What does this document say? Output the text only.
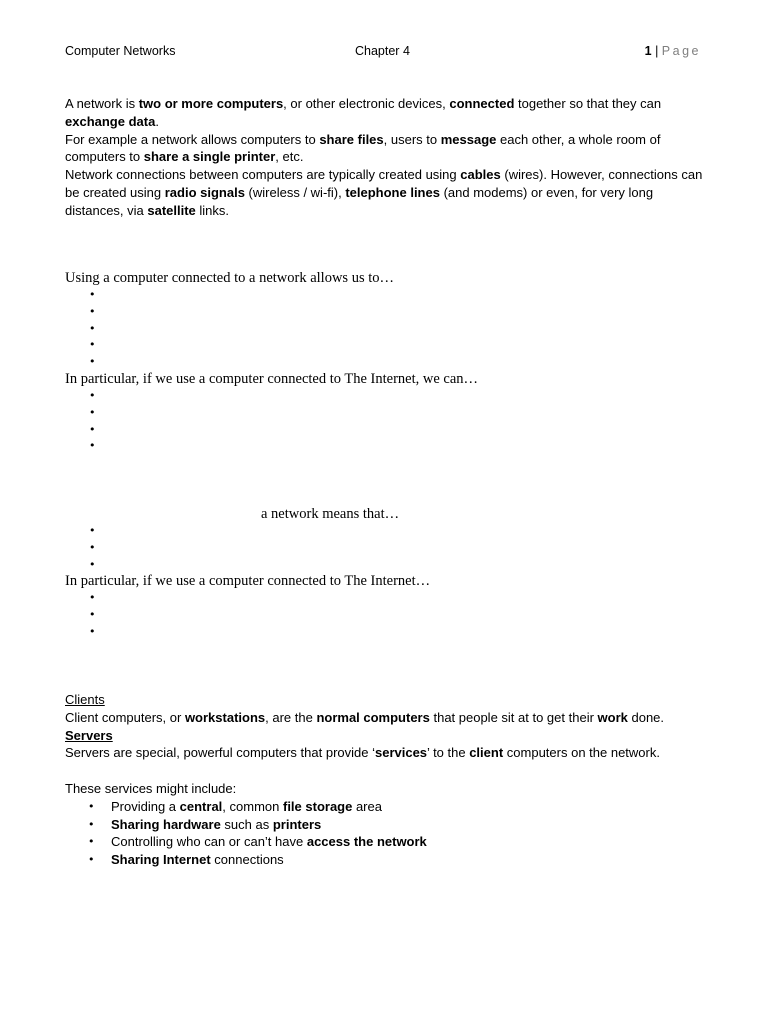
Computer Networks	Chapter 4	1 | Page

A network is two or more computers, or other electronic devices, connected together so that they can exchange data.

For example a network allows computers to share files, users to message each other, a whole room of computers to share a single printer, etc.

Network connections between computers are typically created using cables (wires). However, connections can be created using radio signals (wireless / wi-fi), telephone lines (and modems) or even, for very long distances, via satellite links.

Using a computer connected to a network allows us to…

•
•
•
•
•

In particular, if we use a computer connected to The Internet, we can…

•
•
•
•

a network means that…

•
•
•

In particular, if we use a computer connected to The Internet…

•
•
•

Clients

Client computers, or workstations, are the normal computers that people sit at to get their work done.

Servers

Servers are special, powerful computers that provide ‘services’ to the client computers on the network.

These services might include:

• Providing a central, common file storage area
• Sharing hardware such as printers
• Controlling who can or can’t have access the network
• Sharing Internet connections
